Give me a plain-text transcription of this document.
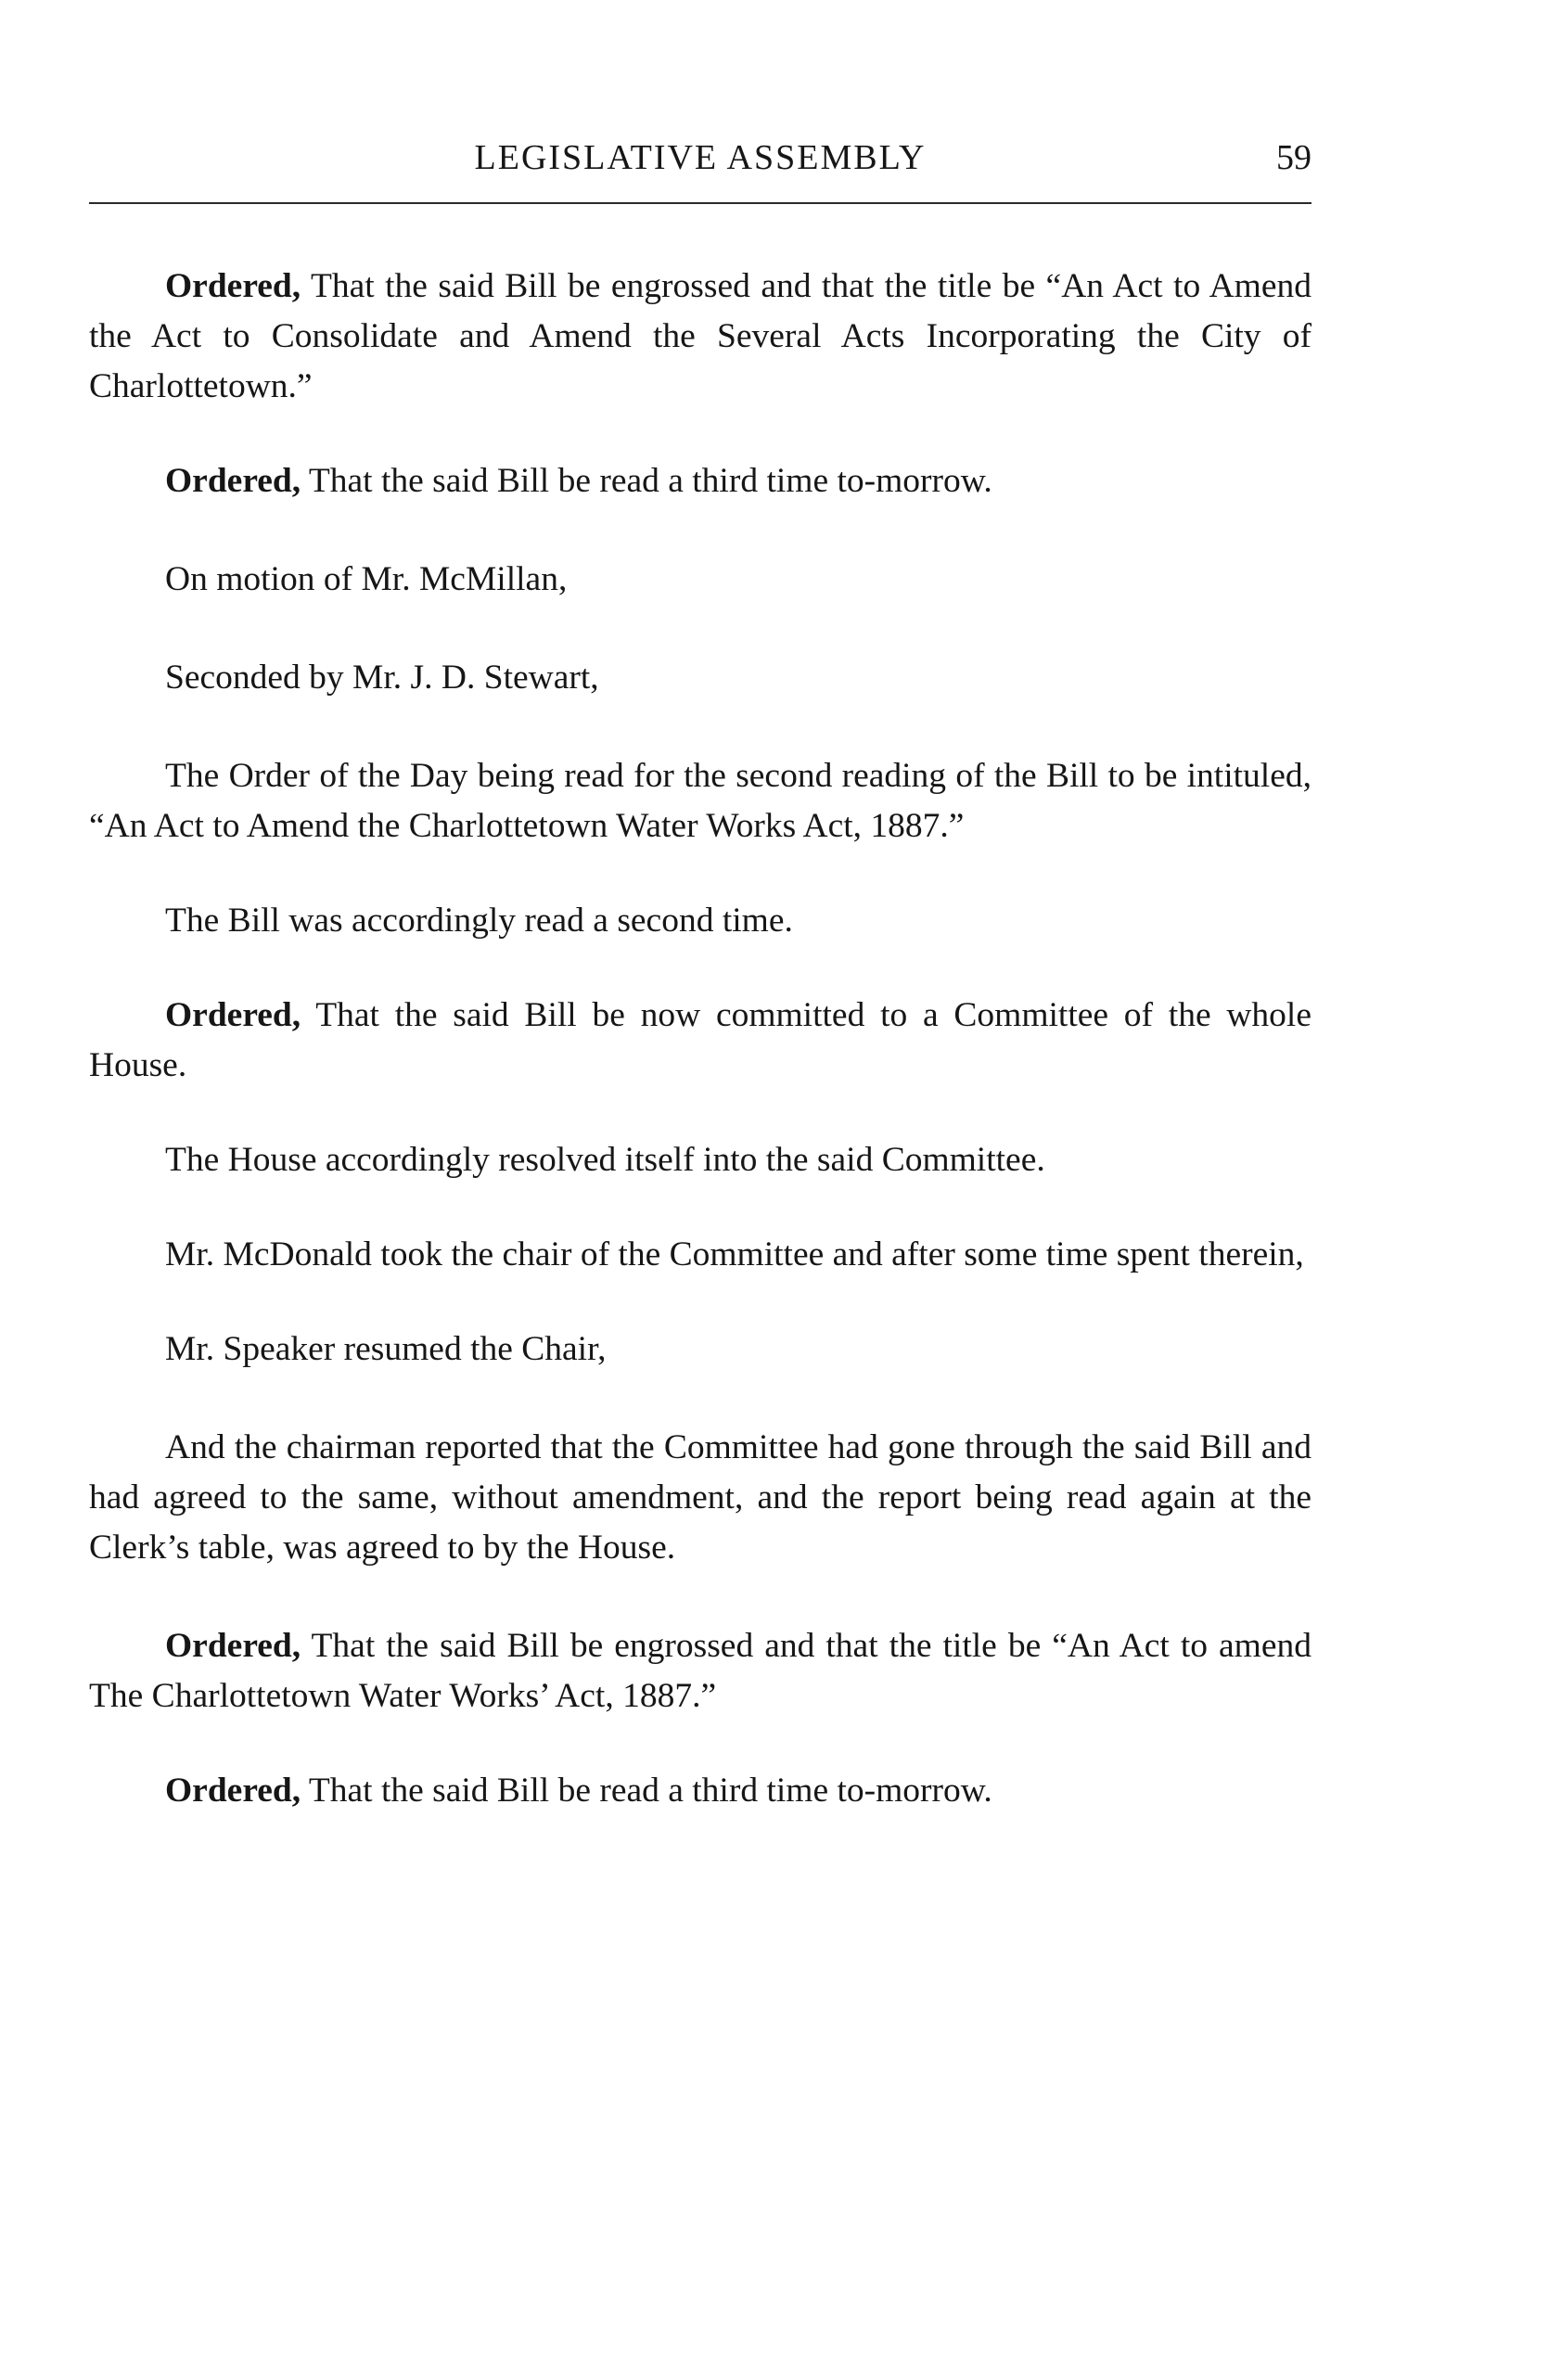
LEGISLATIVE ASSEMBLY	59

Ordered, That the said Bill be engrossed and that the title be “An Act to Amend the Act to Consolidate and Amend the Several Acts Incorporating the City of Charlottetown.”

Ordered, That the said Bill be read a third time to-morrow.

On motion of Mr. McMillan,

Seconded by Mr. J. D. Stewart,

The Order of the Day being read for the second reading of the Bill to be intituled, “An Act to Amend the Charlottetown Water Works Act, 1887.”

The Bill was accordingly read a second time.

Ordered, That the said Bill be now committed to a Committee of the whole House.

The House accordingly resolved itself into the said Committee.

Mr. McDonald took the chair of the Committee and after some time spent therein,

Mr. Speaker resumed the Chair,

And the chairman reported that the Committee had gone through the said Bill and had agreed to the same, without amendment, and the report being read again at the Clerk’s table, was agreed to by the House.

Ordered, That the said Bill be engrossed and that the title be “An Act to amend The Charlottetown Water Works’ Act, 1887.”

Ordered, That the said Bill be read a third time to-morrow.
